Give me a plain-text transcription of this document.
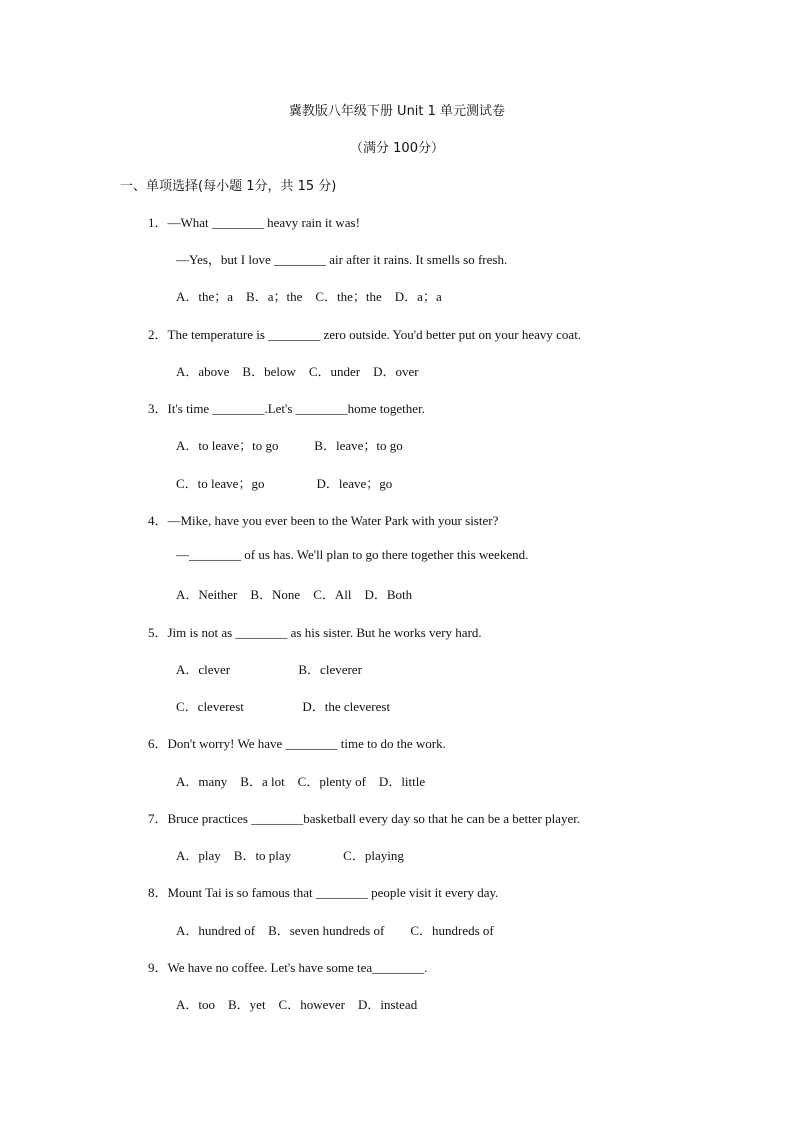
冀教版八年级下册 Unit 1 单元测试卷
（满分 100分）
一、单项选择(每小题 1分，共 15 分)
1．—What ________ heavy rain it was!
—Yes，but I love ________ air after it rains. It smells so fresh.
A．the；a    B．a；the    C．the；the    D．a；a
2．The temperature is ________ zero outside. You'd better put on your heavy coat.
A．above    B．below    C．under    D．over
3．It's time ________.Let's ________home together.
A．to leave；to go           B．leave；to go
C．to leave；go                D．leave；go
4．—Mike, have you ever been to the Water Park with your sister?
—________ of us has. We'll plan to go there together this weekend.
A．Neither    B．None    C．All    D．Both
5．Jim is not as ________ as his sister. But he works very hard.
A．clever                     B．cleverer
C．cleverest                  D．the cleverest
6．Don't worry! We have ________ time to do the work.
A．many    B．a lot    C．plenty of    D．little
7．Bruce practices ________basketball every day so that he can be a better player.
A．play    B．to play                C．playing
8．Mount Tai is so famous that ________ people visit it every day.
A．hundred of    B．seven hundreds of        C．hundreds of
9．We have no coffee. Let's have some tea________.
A．too    B．yet    C．however    D．instead
